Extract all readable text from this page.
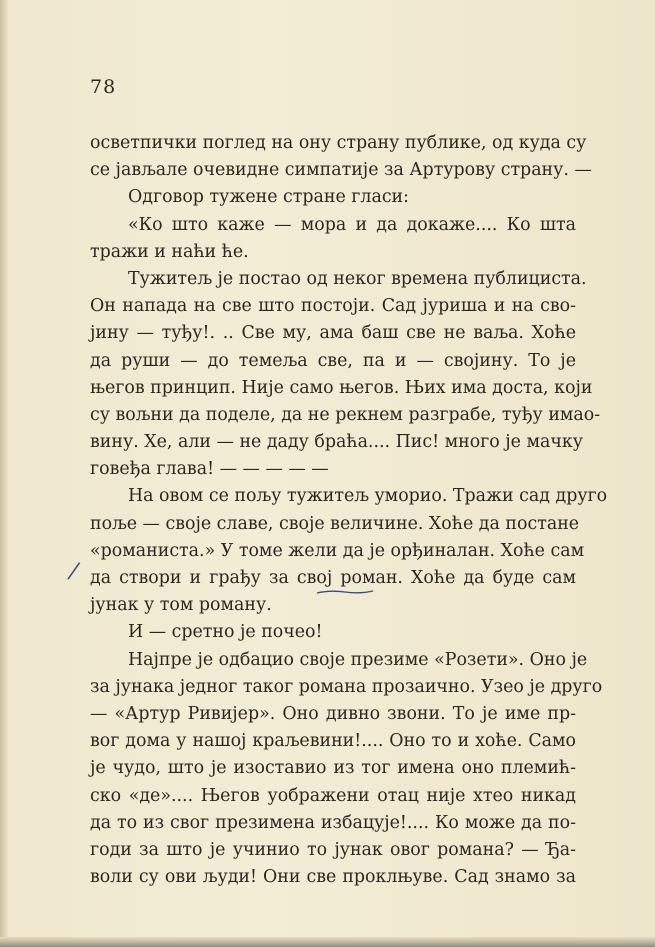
78
осветпички поглед на ону страну публике, од куда су
се јављале очевидне симпатије за Артурову страну. —
Одговор тужене стране гласи:
«Ко што каже — мора и да докаже.... Ко шта
тражи и наћи ће.
Тужитељ је постао од неког времена публициста.
Он напада на све што постоји. Сад јуриша и на сво-
јину — туђу!. .. Све му, ама баш све не ваља. Хоће
да руши — до темеља све, па и — својину. То је
његов принцип. Није само његов. Њих има доста, који
су вољни да поделе, да не рекнем разграбе, туђу имао-
вину. Хе, али — не даду браћа.... Пис! много је мачку
говеђа глава! — — — — —
На овом се пољу тужитељ уморио. Тражи сад друго
поље — своје славе, своје величине. Хоће да постане
«романиста.» У томе жели да је орђиналан. Хоће сам
да створи и грађу за свој роман. Хоће да буде сам
јунак у том роману.
И — сретно је почео!
Најпре је одбацио своје презиме «Розети». Оно је
за јунака једног таког романа прозаично. Узео је друго
— «Артур Ривијер». Оно дивно звони. То је име пр-
вог дома у нашој краљевини!.... Оно то и хоће. Само
је чудо, што је изоставио из тог имена оно племић-
ско «де».... Његов уображени отац није хтео никад
да то из свог презимена избацује!.... Ко може да по-
годи за што је учинио то јунак овог романа? — Ђа-
воли су ови људи! Они све проклњуве. Сад знамо за
/
